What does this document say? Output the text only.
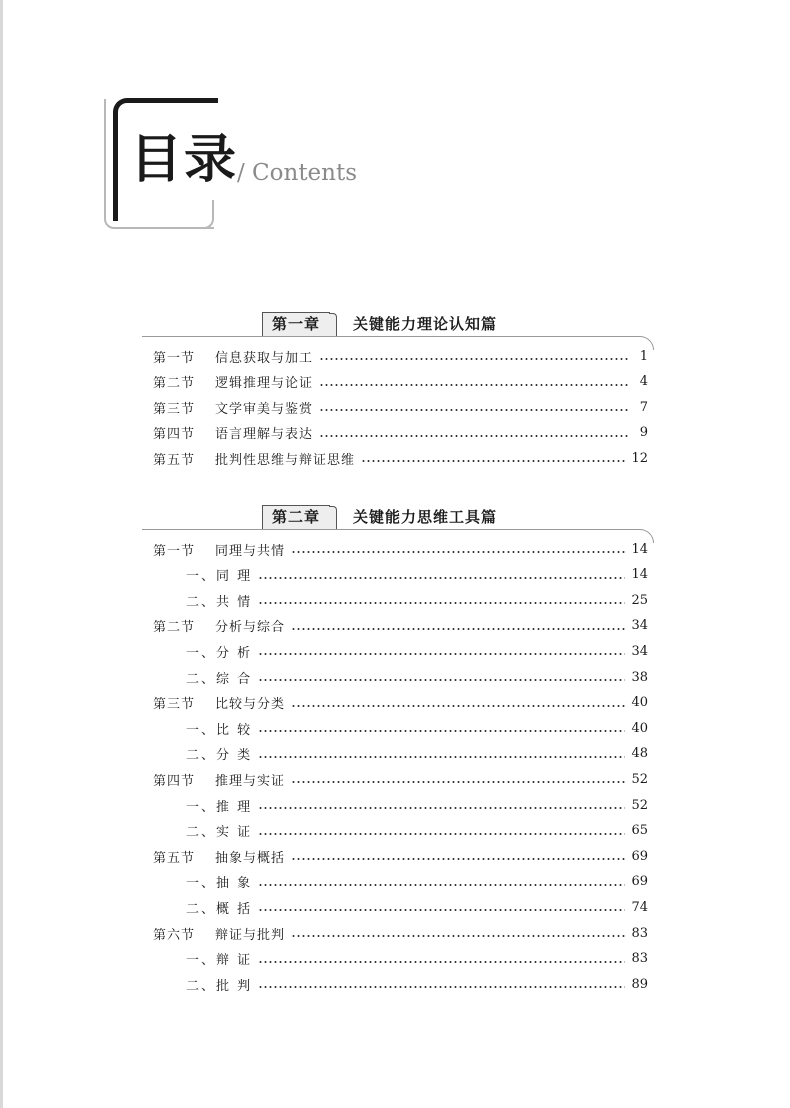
目录
/ Contents
第一章	关键能力理论认知篇
第一节 信息获取与加工	1
第二节 逻辑推理与论证	4
第三节 文学审美与鉴赏	7
第四节 语言理解与表达	9
第五节 批判性思维与辩证思维	12
第二章	关键能力思维工具篇
第一节 同理与共情	14
一、同 理	14
二、共 情	25
第二节 分析与综合	34
一、分 析	34
二、综 合	38
第三节 比较与分类	40
一、比 较	40
二、分 类	48
第四节 推理与实证	52
一、推 理	52
二、实 证	65
第五节 抽象与概括	69
一、抽 象	69
二、概 括	74
第六节 辩证与批判	83
一、辩 证	83
二、批 判	89
